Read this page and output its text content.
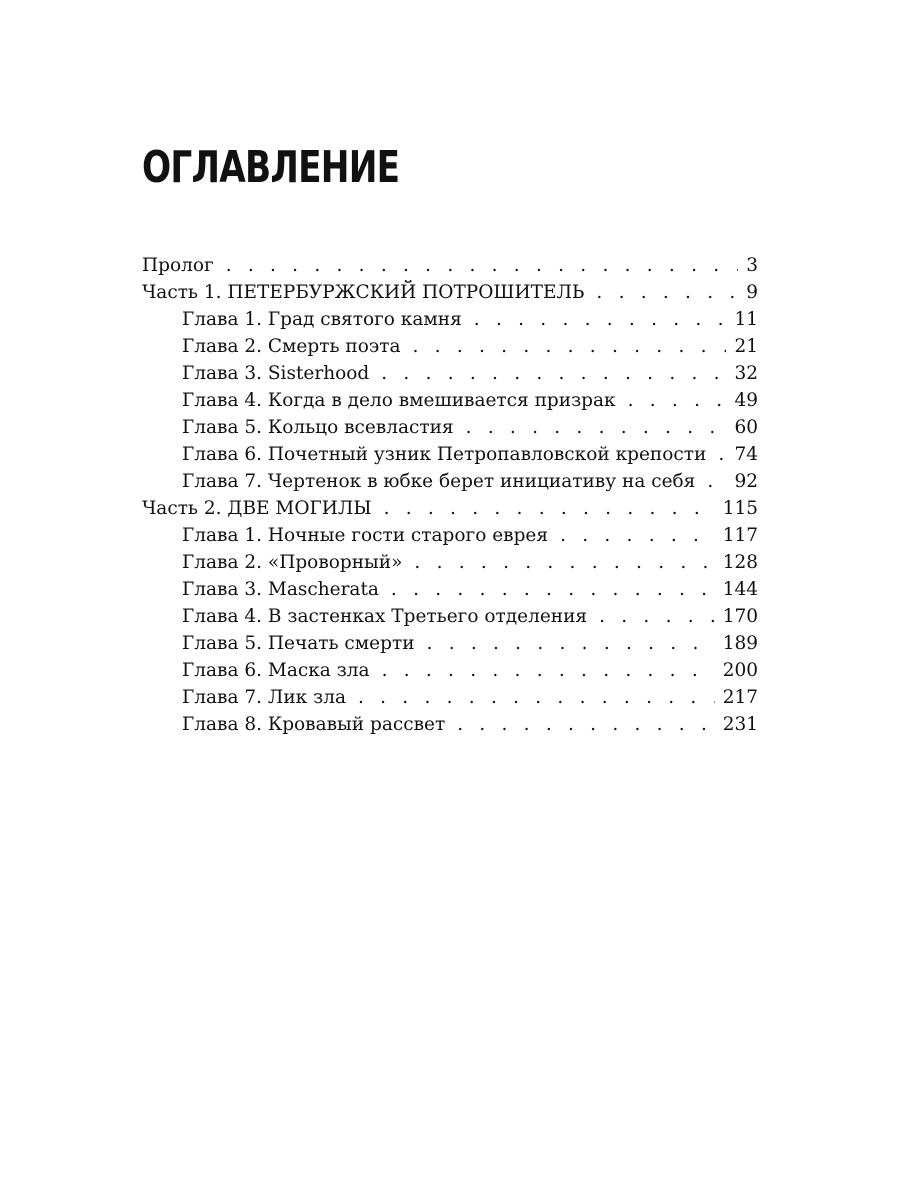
ОГЛАВЛЕНИЕ
Пролог . . .	3
Часть 1. ПЕТЕРБУРЖСКИЙ ПОТРОШИТЕЛЬ . . .	9
Глава 1. Град святого камня . . .	11
Глава 2. Смерть поэта . . .	21
Глава 3. Sisterhood . . .	32
Глава 4. Когда в дело вмешивается призрак . . .	49
Глава 5. Кольцо всевластия . . .	60
Глава 6. Почетный узник Петропавловской крепости . . .	74
Глава 7. Чертенок в юбке берет инициативу на себя . . .	92
Часть 2. ДВЕ МОГИЛЫ . . .	115
Глава 1. Ночные гости старого еврея . . .	117
Глава 2. «Проворный» . . .	128
Глава 3. Mascherata . . .	144
Глава 4. В застенках Третьего отделения . . .	170
Глава 5. Печать смерти . . .	189
Глава 6. Маска зла . . .	200
Глава 7. Лик зла . . .	217
Глава 8. Кровавый рассвет . . .	231
